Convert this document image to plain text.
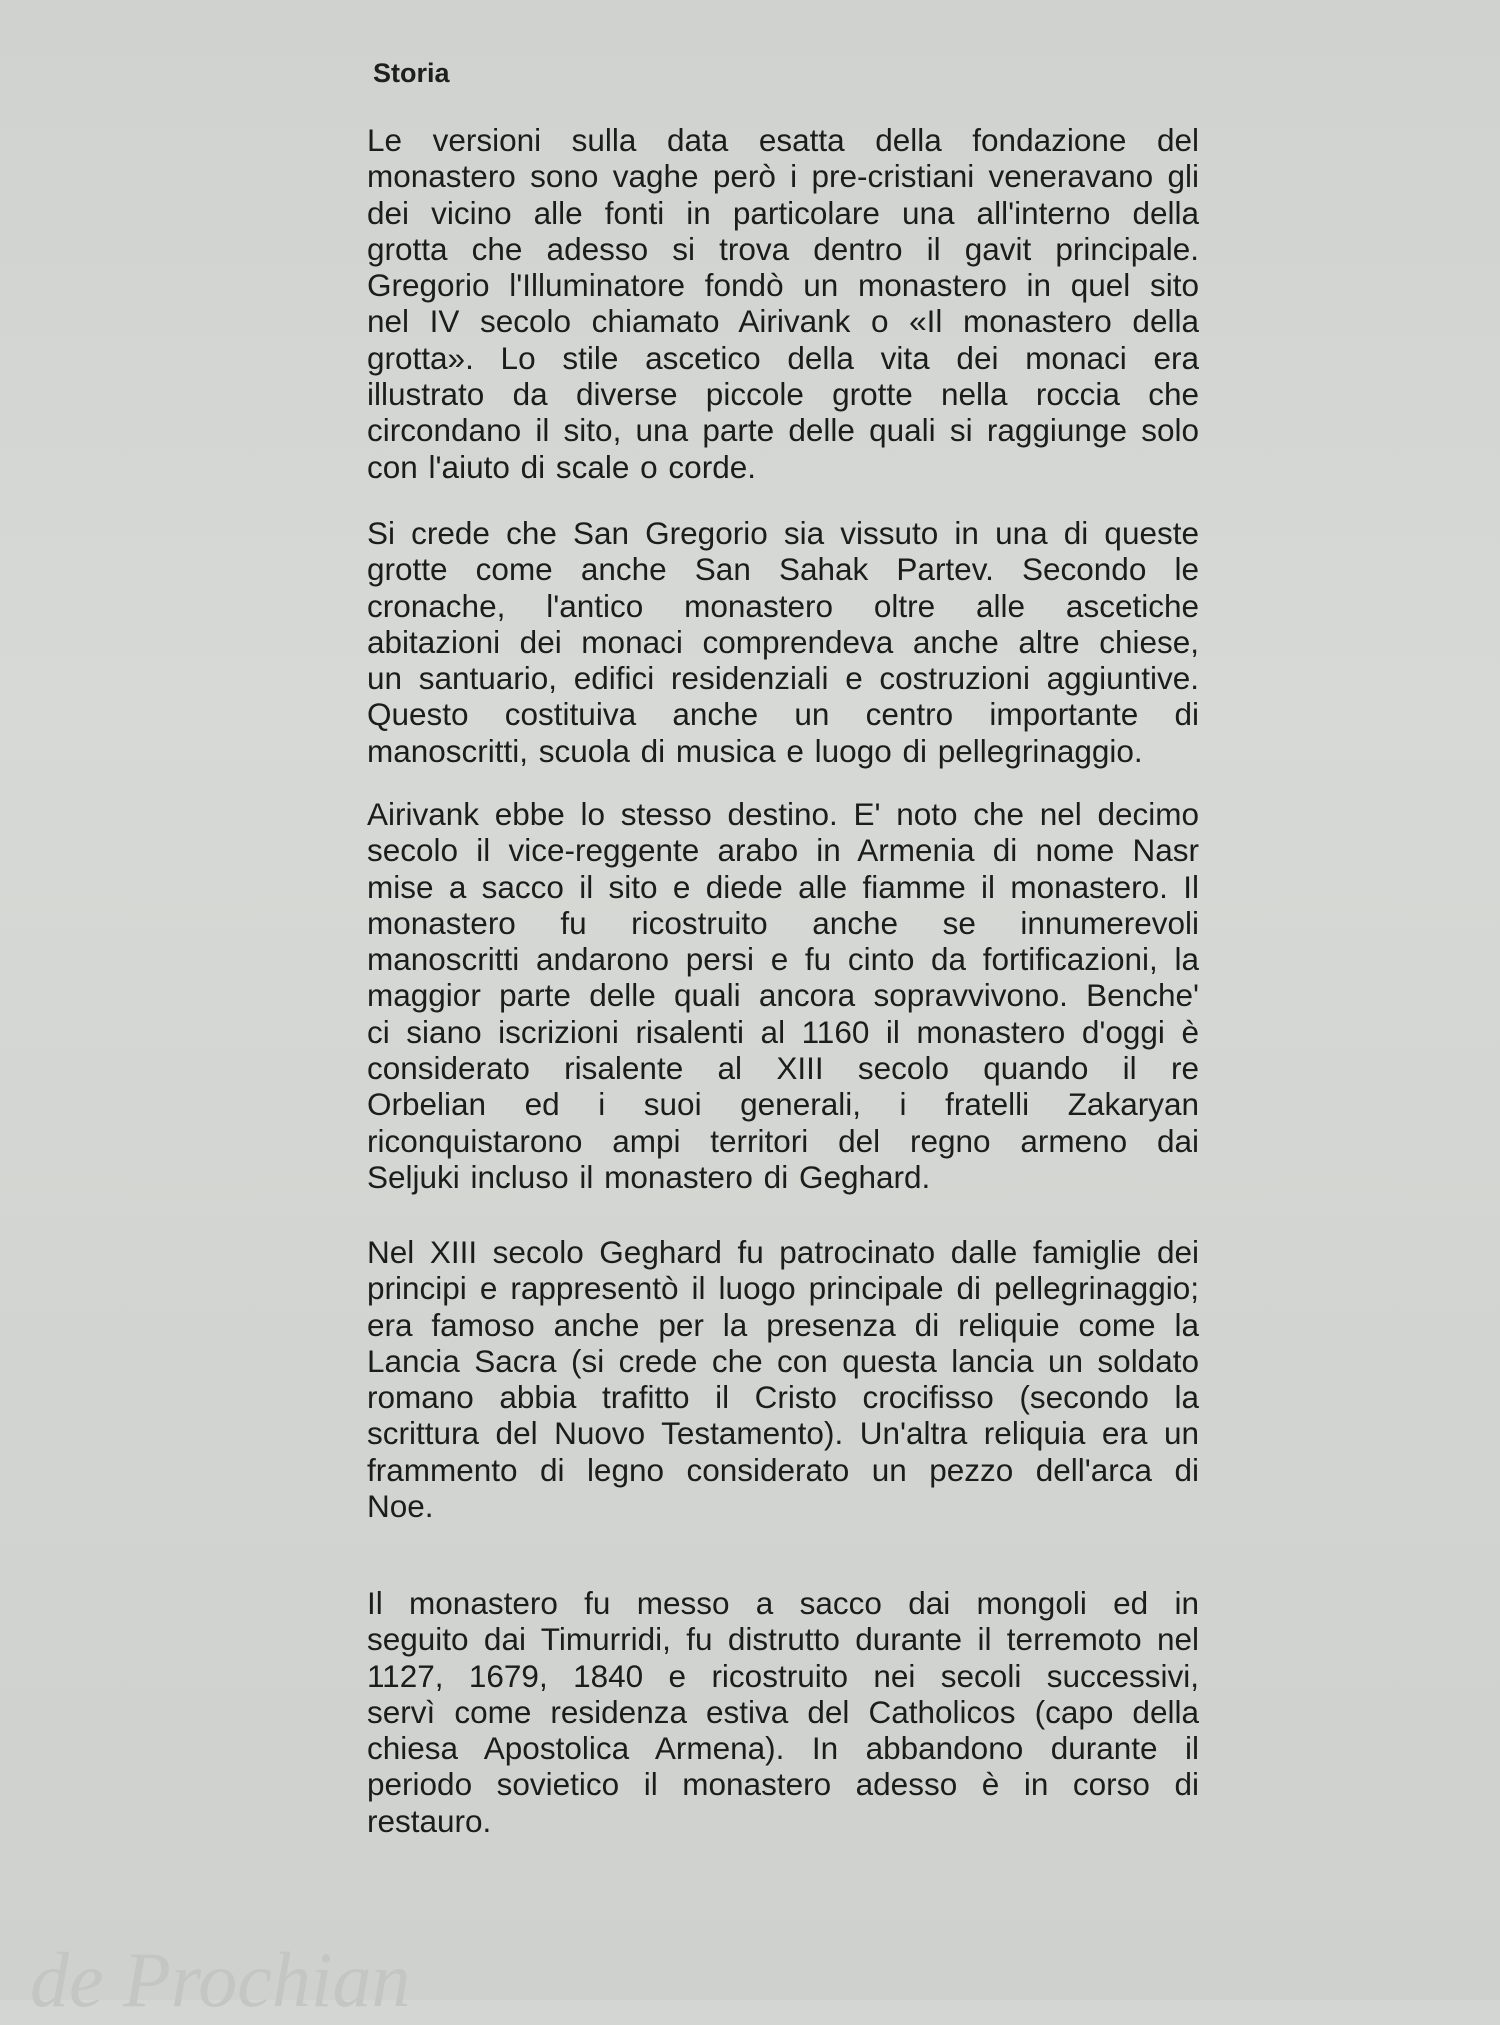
Storia
Le versioni sulla data esatta della fondazione del
monastero sono vaghe però i pre-cristiani veneravano gli
dei vicino alle fonti in particolare una all'interno della
grotta che adesso si trova dentro il gavit principale.
Gregorio l'Illuminatore fondò un monastero in quel sito
nel IV secolo chiamato Airivank o «Il monastero della
grotta». Lo stile ascetico della vita dei monaci era
illustrato da diverse piccole grotte nella roccia che
circondano il sito, una parte delle quali si raggiunge solo
con l'aiuto di scale o corde.
Si crede che San Gregorio sia vissuto in una di queste
grotte come anche San Sahak Partev. Secondo le
cronache, l'antico monastero oltre alle ascetiche
abitazioni dei monaci comprendeva anche altre chiese,
un santuario, edifici residenziali e costruzioni aggiuntive.
Questo costituiva anche un centro importante di
manoscritti, scuola di musica e luogo di pellegrinaggio.
Airivank ebbe lo stesso destino. E' noto che nel decimo
secolo il vice-reggente arabo in Armenia di nome Nasr
mise a sacco il sito e diede alle fiamme il monastero. Il
monastero fu ricostruito anche se innumerevoli
manoscritti andarono persi e fu cinto da fortificazioni, la
maggior parte delle quali ancora sopravvivono. Benche'
ci siano iscrizioni risalenti al 1160 il monastero d'oggi è
considerato risalente al XIII secolo quando il re
Orbelian ed i suoi generali, i fratelli Zakaryan
riconquistarono ampi territori del regno armeno dai
Seljuki incluso il monastero di Geghard.
Nel XIII secolo Geghard fu patrocinato dalle famiglie dei
principi e rappresentò il luogo principale di pellegrinaggio;
era famoso anche per la presenza di reliquie come la
Lancia Sacra (si crede che con questa lancia un soldato
romano abbia trafitto il Cristo crocifisso (secondo la
scrittura del Nuovo Testamento). Un'altra reliquia era un
frammento di legno considerato un pezzo dell'arca di
Noe.
Il monastero fu messo a sacco dai mongoli ed in
seguito dai Timurridi, fu distrutto durante il terremoto nel
1127, 1679, 1840 e ricostruito nei secoli successivi,
servì come residenza estiva del Catholicos (capo della
chiesa Apostolica Armena). In abbandono durante il
periodo sovietico il monastero adesso è in corso di
restauro.
de Prochian
